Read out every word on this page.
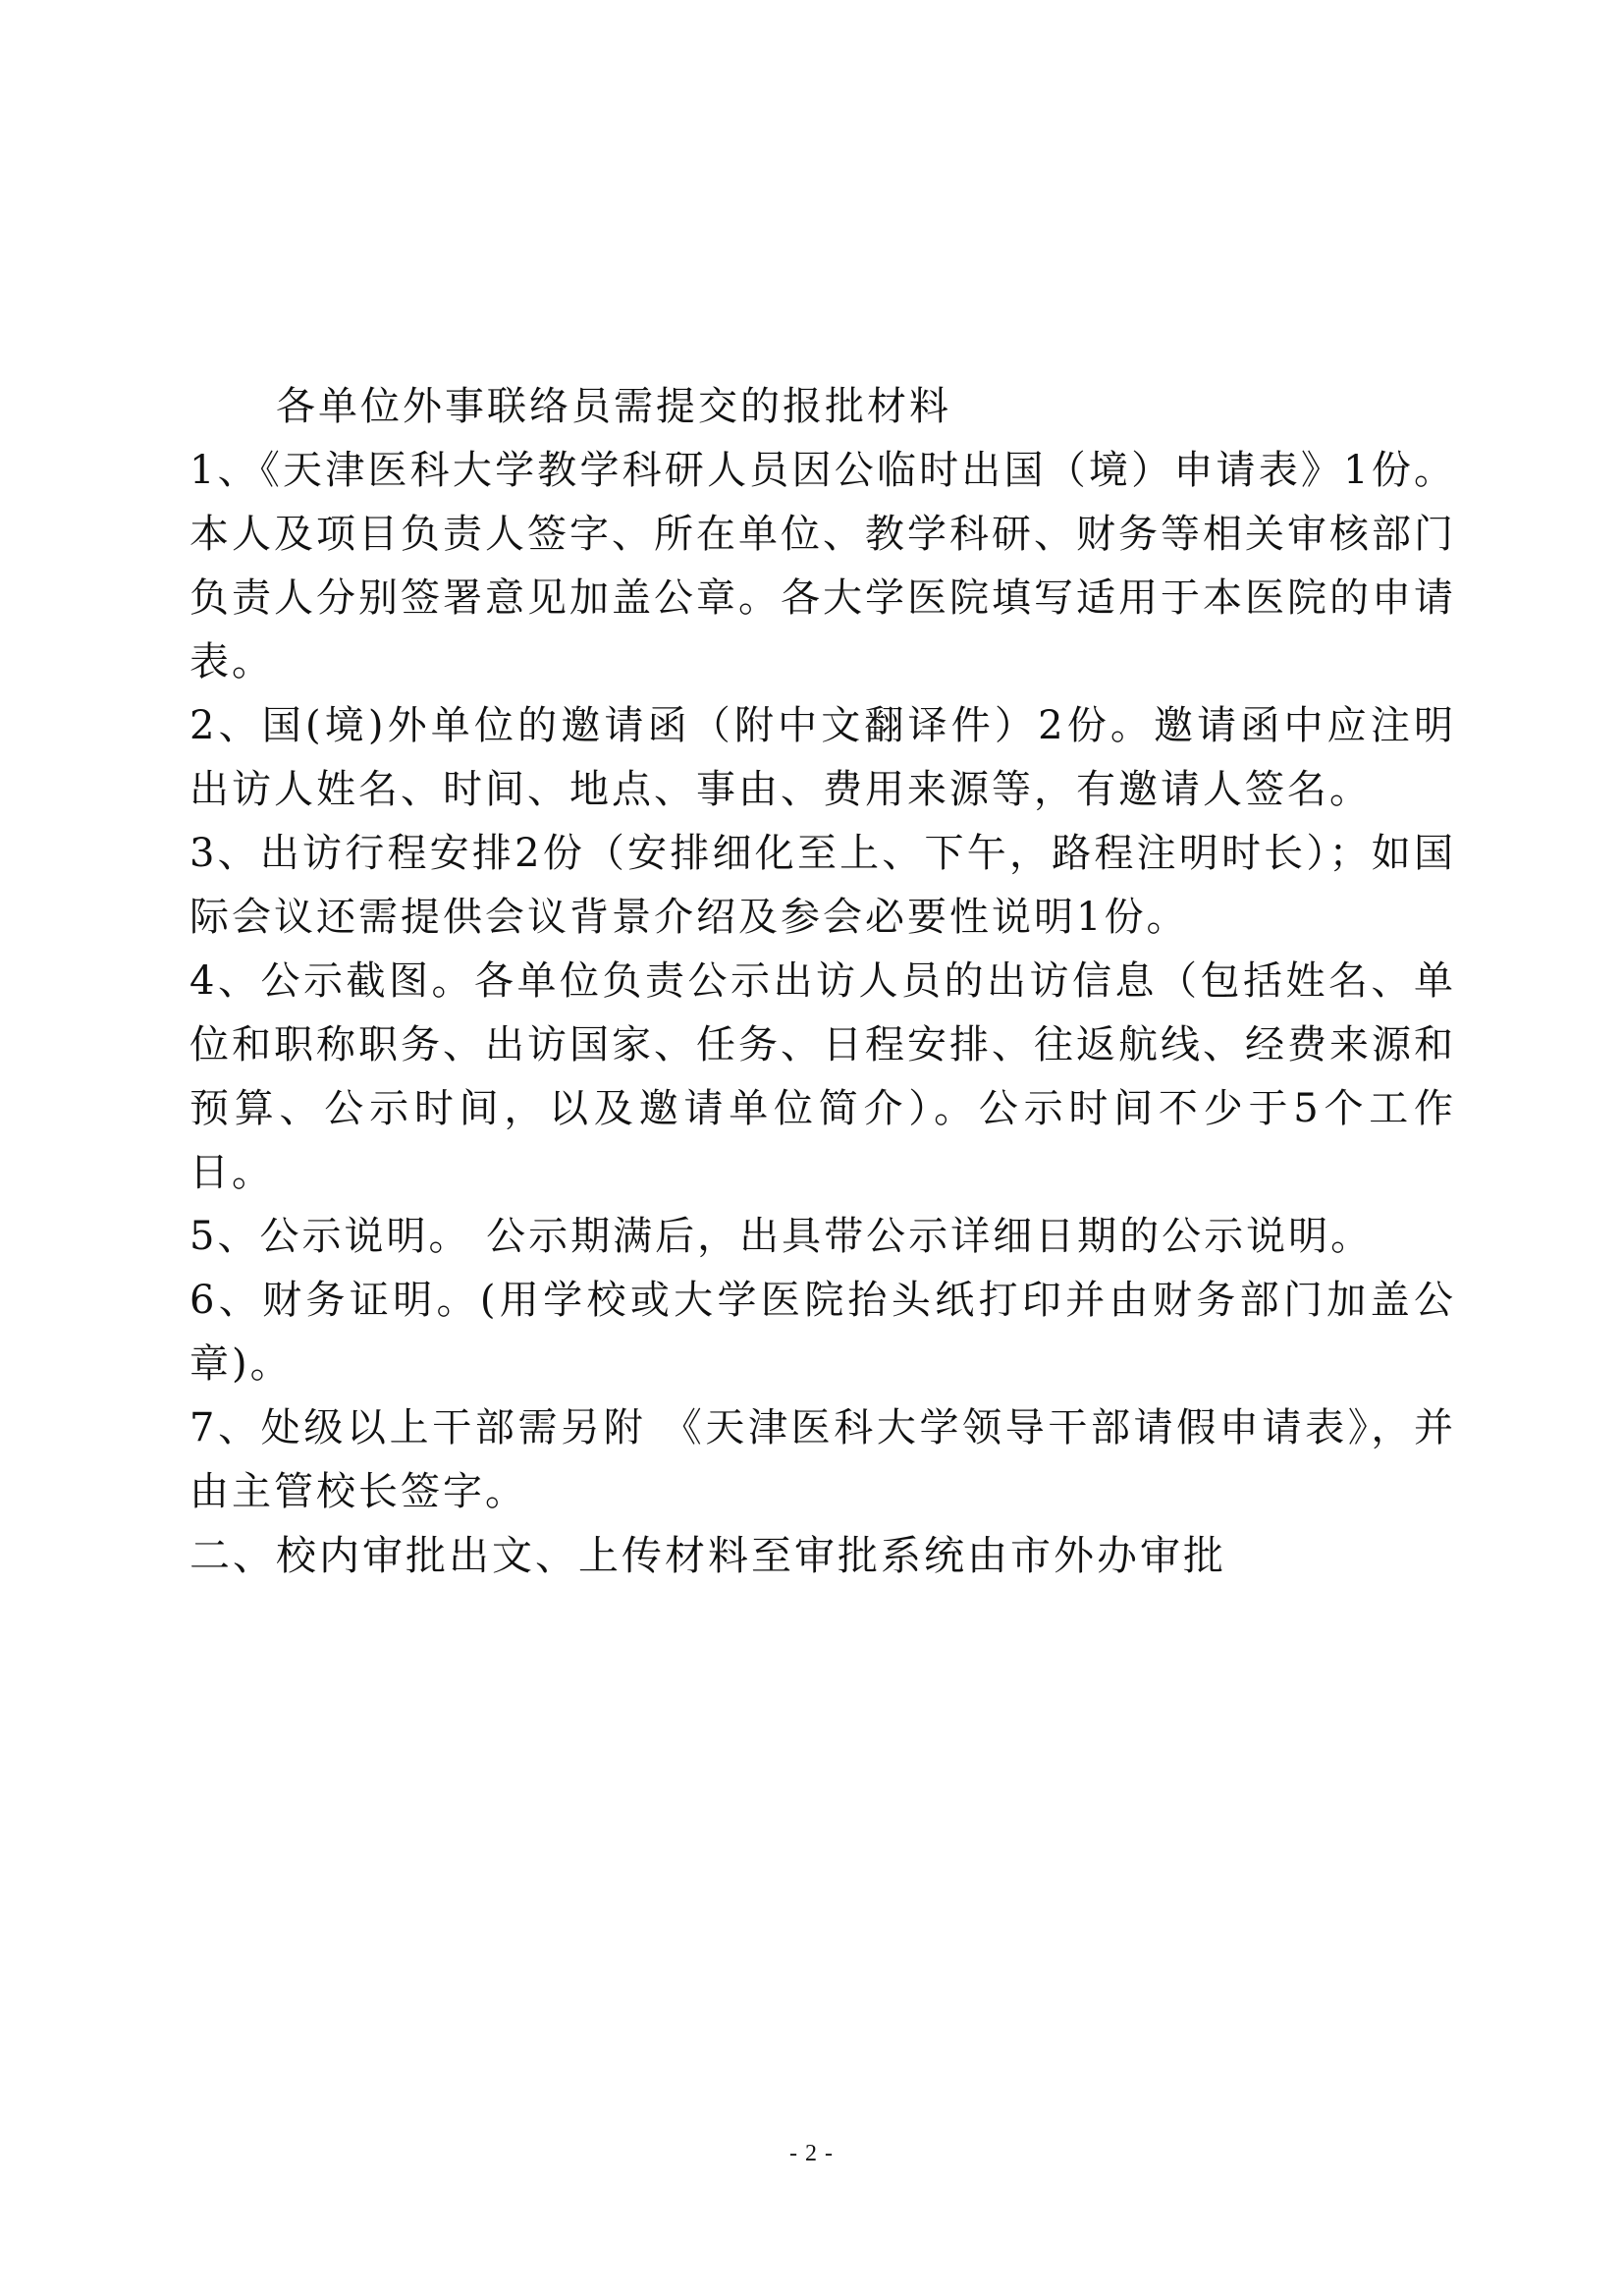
各单位外事联络员需提交的报批材料

1、《天津医科大学教学科研人员因公临时出国（境）申请表》1份。本人及项目负责人签字、所在单位、教学科研、财务等相关审核部门负责人分别签署意见加盖公章。各大学医院填写适用于本医院的申请表。

2、国(境)外单位的邀请函（附中文翻译件）2份。邀请函中应注明出访人姓名、时间、地点、事由、费用来源等，有邀请人签名。

3、出访行程安排2份（安排细化至上、下午，路程注明时长）；如国际会议还需提供会议背景介绍及参会必要性说明1份。

4、公示截图。各单位负责公示出访人员的出访信息（包括姓名、单位和职称职务、出访国家、任务、日程安排、往返航线、经费来源和预算、公示时间，以及邀请单位简介）。公示时间不少于5个工作日。

5、公示说明。 公示期满后，出具带公示详细日期的公示说明。

6、财务证明。(用学校或大学医院抬头纸打印并由财务部门加盖公章)。

7、处级以上干部需另附 《天津医科大学领导干部请假申请表》，并由主管校长签字。

二、校内审批出文、上传材料至审批系统由市外办审批
- 2 -
